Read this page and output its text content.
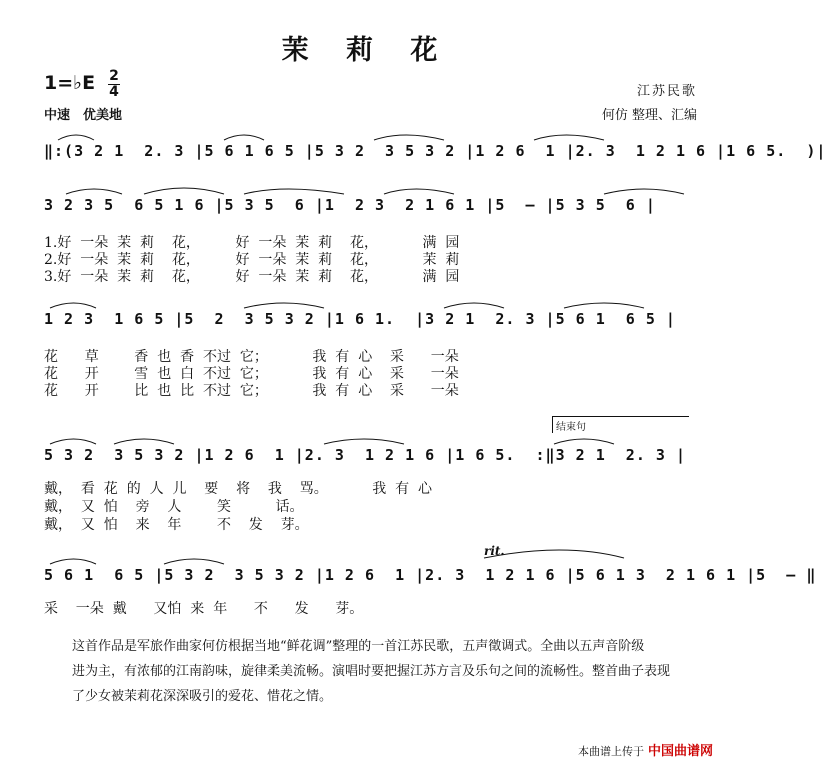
茉 莉 花
1=♭E 2
4
中速　优美地
江苏民歌
何仿 整理、汇编
‖:(3 2 1  2. 3 |5 6 1 6 5 |5 3 2  3 5 3 2 |1 2 6  1 |2. 3  1 2 1 6 |1 6 5.  )|
3 2 3 5  6 5 1 6 |5 3 5  6 |1  2 3  2 1 6 1 |5  – |5 3 5  6 |
1.好  一朵  茉  莉    花，        好  一朵  茉  莉    花，          满  园
2.好  一朵  茉  莉    花，        好  一朵  茉  莉    花，          茉  莉
3.好  一朵  茉  莉    花，        好  一朵  茉  莉    花，          满  园
1 2 3  1 6 5 |5  2  3 5 3 2 |1 6 1.  |3 2 1  2. 3 |5 6 1  6 5 |
花      草        香  也  香  不过  它；          我  有  心    采      一朵
花      开        雪  也  白  不过  它；          我  有  心    采      一朵
花      开        比  也  比  不过  它；          我  有  心    采      一朵
结束句
5 3 2  3 5 3 2 |1 2 6  1 |2. 3  1 2 1 6 |1 6 5.  :‖3 2 1  2. 3 |
戴，  看  花  的  人  儿    要    将    我    骂。          我  有  心
戴，  又  怕    旁    人        笑          话。
戴，  又  怕    来    年        不    发    芽。
rit.
5 6 1  6 5 |5 3 2  3 5 3 2 |1 2 6  1 |2. 3  1 2 1 6 |5 6 1 3  2 1 6 1 |5  – ‖
采    一朵  戴      又怕  来  年      不      发      芽。

这首作品是军旅作曲家何仿根据当地“鲜花调”整理的一首江苏民歌，五声徵调式。全曲以五声音阶级

进为主，有浓郁的江南韵味，旋律柔美流畅。演唱时要把握江苏方言及乐句之间的流畅性。整首曲子表现

了少女被茉莉花深深吸引的爱花、惜花之情。

本曲谱上传于 中国曲谱网
